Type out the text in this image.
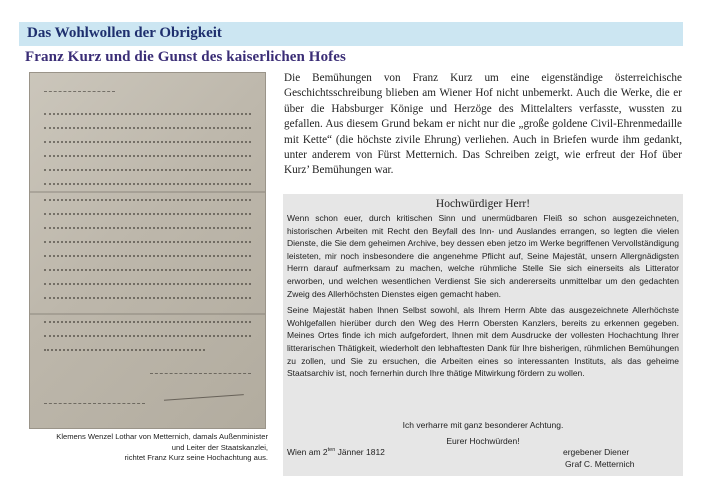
Das Wohlwollen der Obrigkeit
Franz Kurz und die Gunst des kaiserlichen Hofes
Klemens Wenzel Lothar von Metternich, damals Außenminister
und Leiter der Staatskanzlei,
richtet Franz Kurz seine Hochachtung aus.
Die Bemühungen von Franz Kurz um eine eigenständige österreichische Geschichtsschreibung blieben am Wiener Hof nicht unbemerkt. Auch die Werke, die er über die Habsburger Könige und Herzöge des Mittelalters verfasste, wussten zu gefallen. Aus diesem Grund bekam er nicht nur die „große goldene Civil-Ehrenmedaille mit Kette“ (die höchste zivile Ehrung) verliehen. Auch in Briefen wurde ihm gedankt, unter anderem von Fürst Metternich. Das Schreiben zeigt, wie erfreut der Hof über Kurz’ Bemühungen war.
Hochwürdiger Herr!

Wenn schon euer, durch kritischen Sinn und unermüdbaren Fleiß so schon ausgezeichneten, historischen Arbeiten mit Recht den Beyfall des Inn- und Auslandes errangen, so legten die vielen Dienste, die Sie dem geheimen Archive, bey dessen eben jetzo im Werke begriffenen Vervollständigung leisteten, mir noch insbesondere die angenehme Pflicht auf, Seine Majestät, unsern Allergnädigsten Herrn darauf aufmerksam zu machen, welche rühmliche Stelle Sie sich einerseits als Litterator erworben, und welchen wesentlichen Verdienst Sie sich andererseits unmittelbar um den gedachten Zweig des Allerhöchsten Dienstes eigen gemacht haben.

Seine Majestät haben Ihnen Selbst sowohl, als Ihrem Herrn Abte das ausgezeichnete Allerhöchste Wohlgefallen hierüber durch den Weg des Herrn Obersten Kanzlers, bereits zu erkennen gegeben. Meines Ortes finde ich mich aufgefordert, Ihnen mit dem Ausdrucke der vollesten Hochachtung Ihrer litterarischen Thätigkeit, wiederholt den lebhaftesten Dank für Ihre bisherigen, rühmlichen Bemühungen zu zollen, und Sie zu ersuchen, die Arbeiten eines so interessanten Instituts, als das geheime Staatsarchiv ist, noch fernerhin durch Ihre thätige Mitwirkung fördern zu wollen.

Ich verharre mit ganz besonderer Achtung.
Eurer Hochwürden!
Wien am $2^{ten}$ Jänner 1812	ergebener Diener
Graf C. Metternich
